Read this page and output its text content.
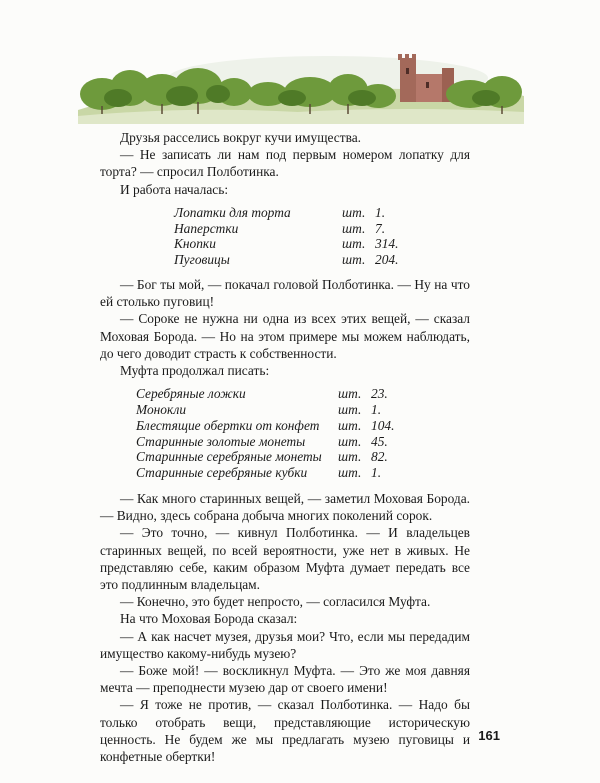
Друзья расселись вокруг кучи имущества.

— Не записать ли нам под первым номером лопатку для торта? — спросил Полботинка.

И работа началась:

Лопатки для торта	шт.	1.
Наперстки	шт.	7.
Кнопки	шт.	314.
Пуговицы	шт.	204.

— Бог ты мой, — покачал головой Полботинка. — Ну на что ей столько пуговиц!

— Сороке не нужна ни одна из всех этих вещей, — сказал Моховая Борода. — Но на этом примере мы можем наблюдать, до чего доводит страсть к собственности.

Муфта продолжал писать:

Серебряные ложки	шт.	23.
Монокли	шт.	1.
Блестящие обертки от конфет	шт.	104.
Старинные золотые монеты	шт.	45.
Старинные серебряные монеты	шт.	82.
Старинные серебряные кубки	шт.	1.

— Как много старинных вещей, — заметил Моховая Борода. — Видно, здесь собрана добыча многих поколений сорок.

— Это точно, — кивнул Полботинка. — И владельцев старинных вещей, по всей вероятности, уже нет в живых. Не представляю себе, каким образом Муфта думает передать все это подлинным владельцам.

— Конечно, это будет непросто, — согласился Муфта.

На что Моховая Борода сказал:

— А как насчет музея, друзья мои? Что, если мы передадим имущество какому-нибудь музею?

— Боже мой! — воскликнул Муфта. — Это же моя давняя мечта — преподнести музею дар от своего имени!

— Я тоже не против, — сказал Полботинка. — Надо бы только отобрать вещи, представляющие историческую ценность. Не будем же мы предлагать музею пуговицы и конфетные обертки!

161
